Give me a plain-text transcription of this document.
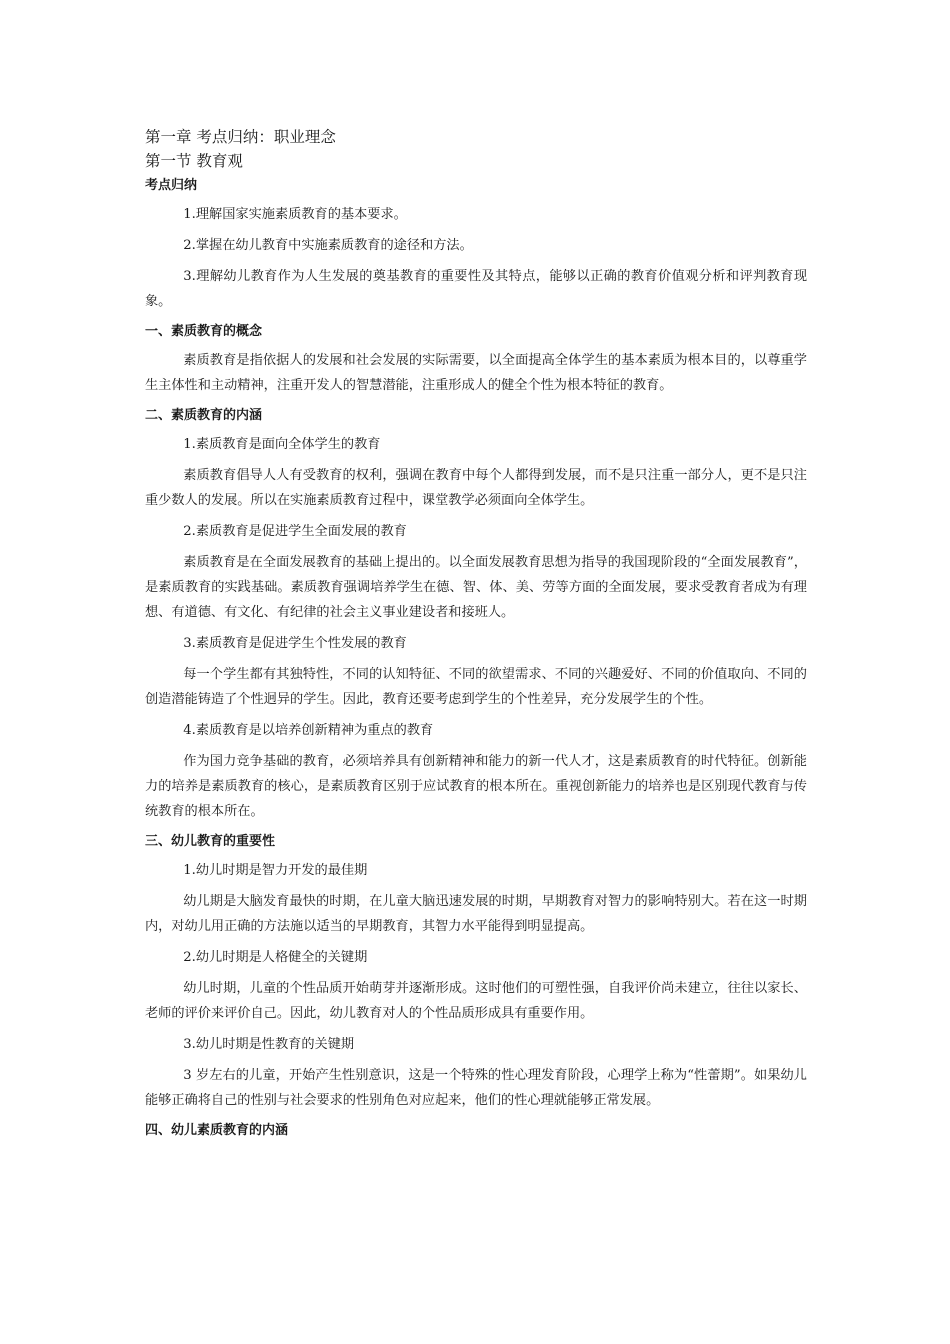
第一章 考点归纳：职业理念
第一节 教育观
考点归纳

1.理解国家实施素质教育的基本要求。

2.掌握在幼儿教育中实施素质教育的途径和方法。

3.理解幼儿教育作为人生发展的奠基教育的重要性及其特点，能够以正确的教育价值观分析和评判教育现象。

一、素质教育的概念

素质教育是指依据人的发展和社会发展的实际需要，以全面提高全体学生的基本素质为根本目的，以尊重学生主体性和主动精神，注重开发人的智慧潜能，注重形成人的健全个性为根本特征的教育。

二、素质教育的内涵

1.素质教育是面向全体学生的教育

素质教育倡导人人有受教育的权利，强调在教育中每个人都得到发展，而不是只注重一部分人，更不是只注重少数人的发展。所以在实施素质教育过程中，课堂教学必须面向全体学生。

2.素质教育是促进学生全面发展的教育

素质教育是在全面发展教育的基础上提出的。以全面发展教育思想为指导的我国现阶段的“全面发展教育”，是素质教育的实践基础。素质教育强调培养学生在德、智、体、美、劳等方面的全面发展，要求受教育者成为有理想、有道德、有文化、有纪律的社会主义事业建设者和接班人。

3.素质教育是促进学生个性发展的教育

每一个学生都有其独特性，不同的认知特征、不同的欲望需求、不同的兴趣爱好、不同的价值取向、不同的创造潜能铸造了个性迥异的学生。因此，教育还要考虑到学生的个性差异，充分发展学生的个性。

4.素质教育是以培养创新精神为重点的教育

作为国力竞争基础的教育，必须培养具有创新精神和能力的新一代人才，这是素质教育的时代特征。创新能力的培养是素质教育的核心，是素质教育区别于应试教育的根本所在。重视创新能力的培养也是区别现代教育与传统教育的根本所在。

三、幼儿教育的重要性

1.幼儿时期是智力开发的最佳期

幼儿期是大脑发育最快的时期，在儿童大脑迅速发展的时期，早期教育对智力的影响特别大。若在这一时期内，对幼儿用正确的方法施以适当的早期教育，其智力水平能得到明显提高。

2.幼儿时期是人格健全的关键期

幼儿时期，儿童的个性品质开始萌芽并逐渐形成。这时他们的可塑性强，自我评价尚未建立，往往以家长、老师的评价来评价自己。因此，幼儿教育对人的个性品质形成具有重要作用。

3.幼儿时期是性教育的关键期

3 岁左右的儿童，开始产生性别意识，这是一个特殊的性心理发育阶段，心理学上称为“性蕾期”。如果幼儿能够正确将自己的性别与社会要求的性别角色对应起来，他们的性心理就能够正常发展。

四、幼儿素质教育的内涵
